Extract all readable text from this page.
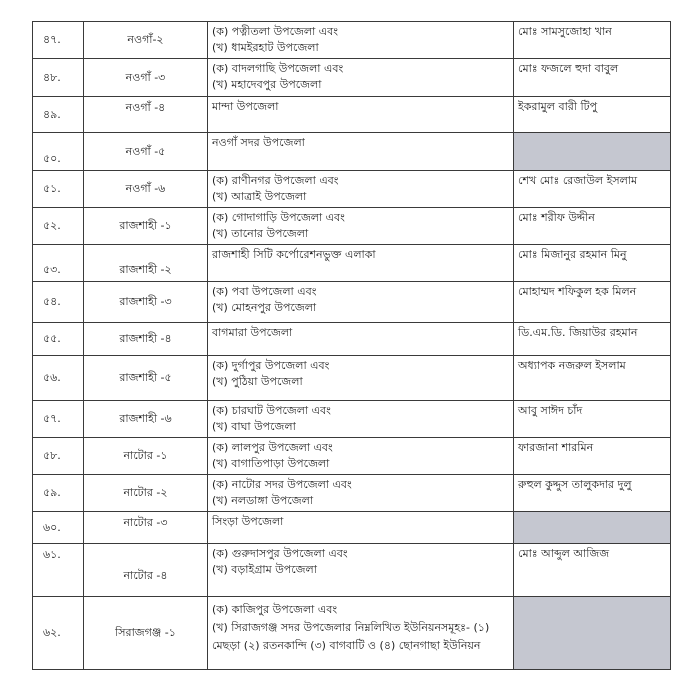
৪৭.	নওগাঁ-২	(ক) পত্নীতলা উপজেলা এবং
(খ) ধামইরহাট উপজেলা	মোঃ সামসুজোহা খান
৪৮.	নওগাঁ -৩	(ক) বাদলগাছি উপজেলা এবং
(খ) মহাদেবপুর উপজেলা	মোঃ ফজলে হুদা বাবুল
৪৯.	নওগাঁ -৪	মান্দা উপজেলা	ইকরামুল বারী টিপু
৫০.	নওগাঁ -৫	নওগাঁ সদর উপজেলা	

৫১.	নওগাঁ -৬	(ক) রাণীনগর উপজেলা এবং
(খ) আত্রাই উপজেলা	শেখ মোঃ রেজাউল ইসলাম
৫২.	রাজশাহী -১	(ক) গোদাগাড়ি উপজেলা এবং
(খ) তানোর উপজেলা	মোঃ শরীফ উদ্দীন
৫৩.	রাজশাহী -২	রাজশাহী সিটি কর্পোরেশনভুক্ত এলাকা	মোঃ মিজানুর রহমান মিনু
৫৪.	রাজশাহী -৩	(ক) পবা উপজেলা এবং
(খ) মোহনপুর উপজেলা	মোহাম্মদ শফিকুল হক মিলন
৫৫.	রাজশাহী -৪	বাগমারা উপজেলা	ডি.এম.ডি. জিয়াউর রহমান
৫৬.	রাজশাহী -৫	(ক) দুর্গাপুর উপজেলা এবং
(খ) পুঠিয়া উপজেলা	অধ্যাপক নজরুল ইসলাম
৫৭.	রাজশাহী -৬	(ক) চারঘাট উপজেলা এবং
(খ) বাঘা উপজেলা	আবু সাঈদ চাঁদ
৫৮.	নাটোর -১	(ক) লালপুর উপজেলা এবং
(খ) বাগাতিপাড়া উপজেলা	ফারজানা শারমিন
৫৯.	নাটোর -২	(ক) নাটোর সদর উপজেলা এবং
(খ) নলডাঙ্গা উপজেলা	রুহুল কুদ্দুস তালুকদার দুলু
৬০.	নাটোর -৩	সিংড়া উপজেলা	

৬১.	নাটোর -৪	(ক) গুরুদাসপুর উপজেলা এবং
(খ) বড়াইগ্রাম উপজেলা	মোঃ আব্দুল আজিজ
৬২.	সিরাজগঞ্জ -১	(ক) কাজিপুর উপজেলা এবং
(খ) সিরাজগঞ্জ সদর উপজেলার নিম্নলিখিত ইউনিয়নসমূহঃ- (১)
মেছড়া (২) রতনকান্দি (৩) বাগবাটি ও (৪) ছোনগাছা ইউনিয়ন	
